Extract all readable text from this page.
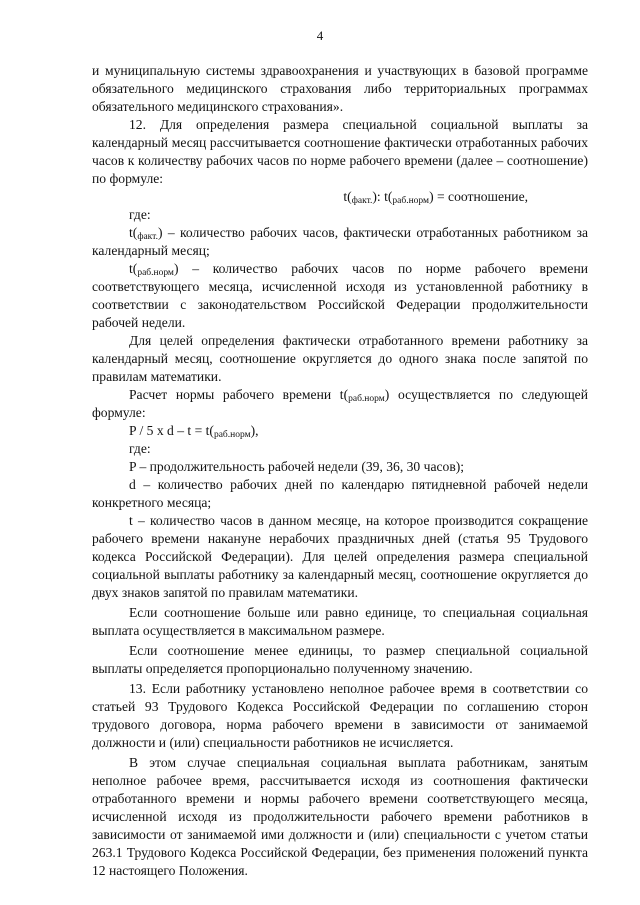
4

и муниципальную системы здравоохранения и участвующих в базовой программе обязательного медицинского страхования либо территориальных программах обязательного медицинского страхования».

12. Для определения размера специальной социальной выплаты за календарный месяц рассчитывается соотношение фактически отработанных рабочих часов к количеству рабочих часов по норме рабочего времени (далее – соотношение) по формуле:

$t(_{факт.})$: $t(_{раб.норм})$ = соотношение,

где:

$t(_{факт.})$ – количество рабочих часов, фактически отработанных работником за календарный месяц;

$t(_{раб.норм})$ – количество рабочих часов по норме рабочего времени соответствующего месяца, исчисленной исходя из установленной работнику в соответствии с законодательством Российской Федерации продолжительности рабочей недели.

Для целей определения фактически отработанного времени работнику за календарный месяц, соотношение округляется до одного знака после запятой по правилам математики.

Расчет нормы рабочего времени $t(_{раб.норм})$ осуществляется по следующей формуле:

P / 5 x $d - t = t(_{раб.норм})$,

где:

P – продолжительность рабочей недели (39, 36, 30 часов);

d – количество рабочих дней по календарю пятидневной рабочей недели конкретного месяца;

t – количество часов в данном месяце, на которое производится сокращение рабочего времени накануне нерабочих праздничных дней (статья 95 Трудового кодекса Российской Федерации). Для целей определения размера специальной социальной выплаты работнику за календарный месяц, соотношение округляется до двух знаков запятой по правилам математики.

Если соотношение больше или равно единице, то специальная социальная выплата осуществляется в максимальном размере.

Если соотношение менее единицы, то размер специальной социальной выплаты определяется пропорционально полученному значению.

13. Если работнику установлено неполное рабочее время в соответствии со статьей 93 Трудового Кодекса Российской Федерации по соглашению сторон трудового договора, норма рабочего времени в зависимости от занимаемой должности и (или) специальности работников не исчисляется.

В этом случае специальная социальная выплата работникам, занятым неполное рабочее время, рассчитывается исходя из соотношения фактически отработанного времени и нормы рабочего времени соответствующего месяца, исчисленной исходя из продолжительности рабочего времени работников в зависимости от занимаемой ими должности и (или) специальности с учетом статьи 263.1 Трудового Кодекса Российской Федерации, без применения положений пункта 12 настоящего Положения.
